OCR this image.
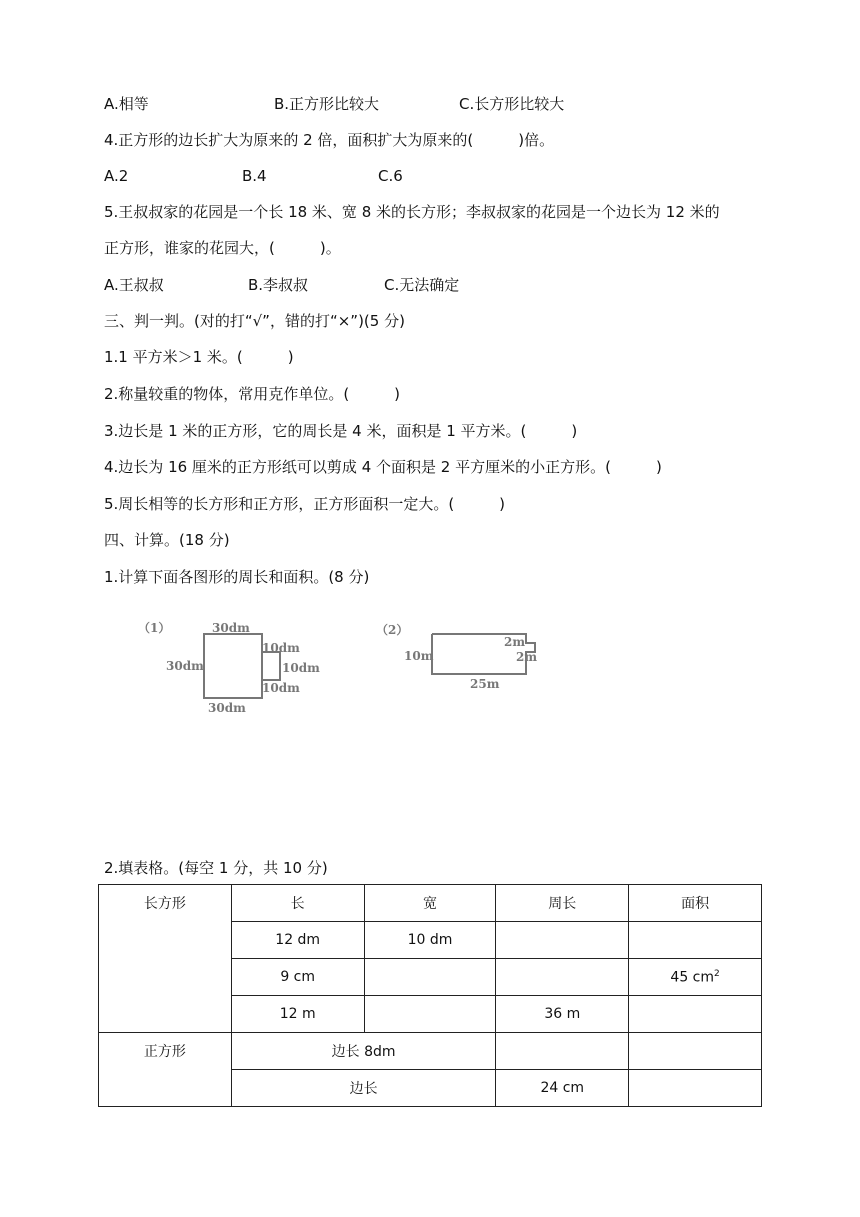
A.相等	B.正方形比较大	C.长方形比较大
4.正方形的边长扩大为原来的 2 倍，面积扩大为原来的(　　　)倍。
A.2	B.4	C.6
5.王叔叔家的花园是一个长 18 米、宽 8 米的长方形；李叔叔家的花园是一个边长为 12 米的
正方形，谁家的花园大，(　　　)。
A.王叔叔	B.李叔叔	C.无法确定
三、判一判。(对的打“√”，错的打“×”)(5 分)
1.1 平方米＞1 米。(　　　)
2.称量较重的物体，常用克作单位。(　　　)
3.边长是 1 米的正方形，它的周长是 4 米，面积是 1 平方米。(　　　)
4.边长为 16 厘米的正方形纸可以剪成 4 个面积是 2 平方厘米的小正方形。(　　　)
5.周长相等的长方形和正方形，正方形面积一定大。(　　　)
四、计算。(18 分)
1.计算下面各图形的周长和面积。(8 分)
（1）	30dm
30dm
10dm
10dm
10dm
30dm
（2）
10m
2m
2m
25m
2.填表格。(每空 1 分，共 10 分)
长方形	长	宽	周长	面积
	12 dm	10 dm		
	9 cm			45 $cm^2$
	12 m		36 m	
正方形	边长 8dm			
	边长		24 cm	
